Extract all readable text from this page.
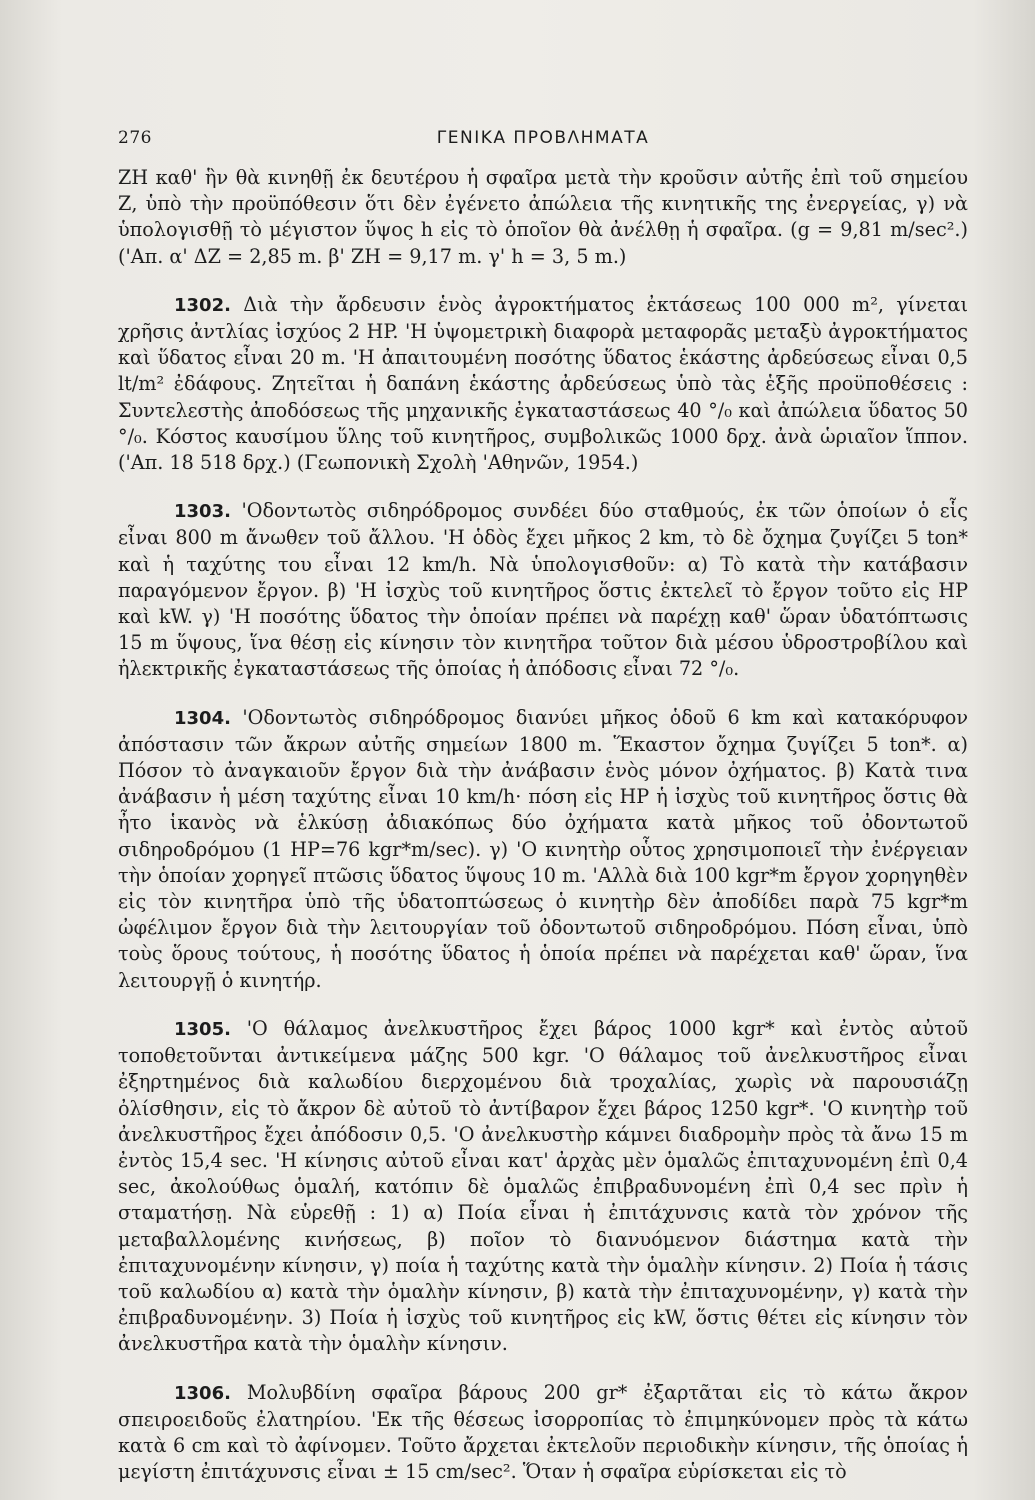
276	ΓΕΝΙΚΑ ΠΡΟΒΛΗΜΑΤΑ

ΖΗ καθ' ἣν θὰ κινηθῇ ἐκ δευτέρου ἡ σφαῖρα μετὰ τὴν κροῦσιν αὐτῆς ἐπὶ τοῦ σημείου Ζ, ὑπὸ τὴν προϋπόθεσιν ὅτι δὲν ἐγένετο ἀπώλεια τῆς κινητικῆς της ἐνεργείας, γ) νὰ ὑπολογισθῇ τὸ μέγιστον ὕψος h εἰς τὸ ὁποῖον θὰ ἀνέλθῃ ἡ σφαῖρα. (g = 9,81 m/sec².) ('Απ. α' ΔΖ = 2,85 m. β' ΖΗ = 9,17 m. γ' h = 3, 5 m.)

1302. Διὰ τὴν ἄρδευσιν ἑνὸς ἀγροκτήματος ἐκτάσεως 100 000 m², γίνεται χρῆσις ἀντλίας ἰσχύος 2 HP. 'Η ὑψομετρικὴ διαφορὰ μεταφορᾶς μεταξὺ ἀγροκτήματος καὶ ὕδατος εἶναι 20 m. 'Η ἀπαιτουμένη ποσότης ὕδατος ἑκάστης ἀρδεύσεως εἶναι 0,5 lt/m² ἐδάφους. Ζητεῖται ἡ δαπάνη ἑκάστης ἀρδεύσεως ὑπὸ τὰς ἑξῆς προϋποθέσεις : Συντελεστὴς ἀποδόσεως τῆς μηχανικῆς ἐγκαταστάσεως 40 °/₀ καὶ ἀπώλεια ὕδατος 50 °/₀. Κόστος καυσίμου ὕλης τοῦ κινητῆρος, συμβολικῶς 1000 δρχ. ἀνὰ ὡριαῖον ἵππον. ('Απ. 18 518 δρχ.) (Γεωπονικὴ Σχολὴ 'Αθηνῶν, 1954.)

1303. 'Οδοντωτὸς σιδηρόδρομος συνδέει δύο σταθμούς, ἐκ τῶν ὁποίων ὁ εἷς εἶναι 800 m ἄνωθεν τοῦ ἄλλου. 'Η ὁδὸς ἔχει μῆκος 2 km, τὸ δὲ ὄχημα ζυγίζει 5 ton* καὶ ἡ ταχύτης του εἶναι 12 km/h. Νὰ ὑπολογισθοῦν: α) Τὸ κατὰ τὴν κατάβασιν παραγόμενον ἔργον. β) 'Η ἰσχὺς τοῦ κινητῆρος ὅστις ἐκτελεῖ τὸ ἔργον τοῦτο εἰς HP καὶ kW. γ) 'Η ποσότης ὕδατος τὴν ὁποίαν πρέπει νὰ παρέχῃ καθ' ὥραν ὑδατόπτωσις 15 m ὕψους, ἵνα θέσῃ εἰς κίνησιν τὸν κινητῆρα τοῦτον διὰ μέσου ὑδροστροβίλου καὶ ἠλεκτρικῆς ἐγκαταστάσεως τῆς ὁποίας ἡ ἀπόδοσις εἶναι 72 °/₀.

1304. 'Οδοντωτὸς σιδηρόδρομος διανύει μῆκος ὁδοῦ 6 km καὶ κατακόρυφον ἀπόστασιν τῶν ἄκρων αὐτῆς σημείων 1800 m. Ἕκαστον ὄχημα ζυγίζει 5 ton*. α) Πόσον τὸ ἀναγκαιοῦν ἔργον διὰ τὴν ἀνάβασιν ἑνὸς μόνον ὀχήματος. β) Κατὰ τινα ἀνάβασιν ἡ μέση ταχύτης εἶναι 10 km/h· πόση εἰς HP ἡ ἰσχὺς τοῦ κινητῆρος ὅστις θὰ ἦτο ἱκανὸς νὰ ἑλκύσῃ ἀδιακόπως δύο ὀχήματα κατὰ μῆκος τοῦ ὀδοντωτοῦ σιδηροδρόμου (1 HP=76 kgr*m/sec). γ) 'Ο κινητὴρ οὗτος χρησιμοποιεῖ τὴν ἐνέργειαν τὴν ὁποίαν χορηγεῖ πτῶσις ὕδατος ὕψους 10 m. 'Αλλὰ διὰ 100 kgr*m ἔργον χορηγηθὲν εἰς τὸν κινητῆρα ὑπὸ τῆς ὑδατοπτώσεως ὁ κινητὴρ δὲν ἀποδίδει παρὰ 75 kgr*m ὠφέλιμον ἔργον διὰ τὴν λειτουργίαν τοῦ ὀδοντωτοῦ σιδηροδρόμου. Πόση εἶναι, ὑπὸ τοὺς ὅρους τούτους, ἡ ποσότης ὕδατος ἡ ὁποία πρέπει νὰ παρέχεται καθ' ὥραν, ἵνα λειτουργῇ ὁ κινητήρ.

1305. 'Ο θάλαμος ἀνελκυστῆρος ἔχει βάρος 1000 kgr* καὶ ἐντὸς αὐτοῦ τοποθετοῦνται ἀντικείμενα μάζης 500 kgr. 'Ο θάλαμος τοῦ ἀνελκυστῆρος εἶναι ἐξηρτημένος διὰ καλωδίου διερχομένου διὰ τροχαλίας, χωρὶς νὰ παρουσιάζῃ ὀλίσθησιν, εἰς τὸ ἄκρον δὲ αὐτοῦ τὸ ἀντίβαρον ἔχει βάρος 1250 kgr*. 'Ο κινητὴρ τοῦ ἀνελκυστῆρος ἔχει ἀπόδοσιν 0,5. 'Ο ἀνελκυστὴρ κάμνει διαδρομὴν πρὸς τὰ ἄνω 15 m ἐντὸς 15,4 sec. 'Η κίνησις αὐτοῦ εἶναι κατ' ἀρχὰς μὲν ὁμαλῶς ἐπιταχυνομένη ἐπὶ 0,4 sec, ἀκολούθως ὁμαλή, κατόπιν δὲ ὁμαλῶς ἐπιβραδυνομένη ἐπὶ 0,4 sec πρὶν ἡ σταματήσῃ. Νὰ εὑρεθῇ : 1) α) Ποία εἶναι ἡ ἐπιτάχυνσις κατὰ τὸν χρόνον τῆς μεταβαλλομένης κινήσεως, β) ποῖον τὸ διανυόμενον διάστημα κατὰ τὴν ἐπιταχυνομένην κίνησιν, γ) ποία ἡ ταχύτης κατὰ τὴν ὁμαλὴν κίνησιν. 2) Ποία ἡ τάσις τοῦ καλωδίου α) κατὰ τὴν ὁμαλὴν κίνησιν, β) κατὰ τὴν ἐπιταχυνομένην, γ) κατὰ τὴν ἐπιβραδυνομένην. 3) Ποία ἡ ἰσχὺς τοῦ κινητῆρος εἰς kW, ὅστις θέτει εἰς κίνησιν τὸν ἀνελκυστῆρα κατὰ τὴν ὁμαλὴν κίνησιν.

1306. Μολυβδίνη σφαῖρα βάρους 200 gr* ἐξαρτᾶται εἰς τὸ κάτω ἄκρον σπειροειδοῦς ἐλατηρίου. 'Εκ τῆς θέσεως ἰσορροπίας τὸ ἐπιμηκύνομεν πρὸς τὰ κάτω κατὰ 6 cm καὶ τὸ ἀφίνομεν. Τοῦτο ἄρχεται ἐκτελοῦν περιοδικὴν κίνησιν, τῆς ὁποίας ἡ μεγίστη ἐπιτάχυνσις εἶναι ± 15 cm/sec². Ὅταν ἡ σφαῖρα εὑρίσκεται εἰς τὸ
